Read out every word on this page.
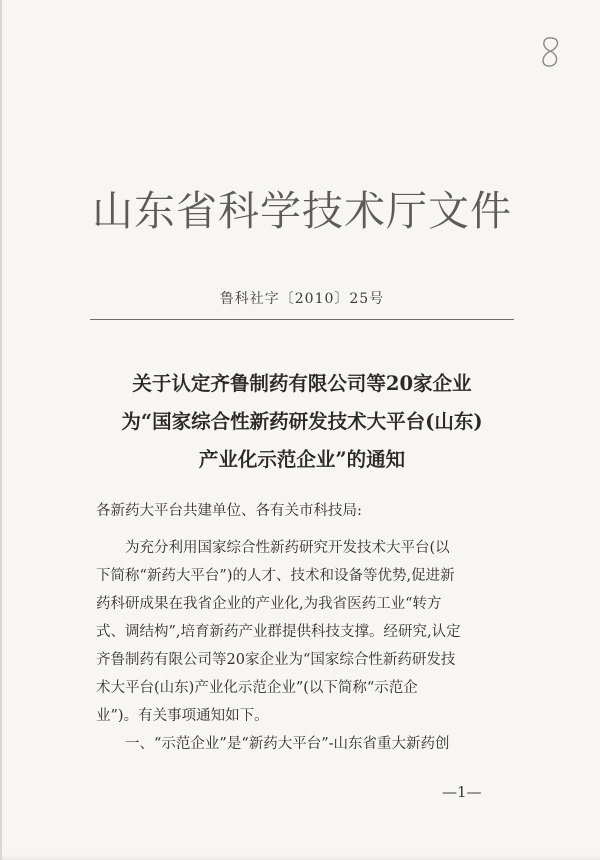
山东省科学技术厅文件
鲁科社字〔2010〕25号
关于认定齐鲁制药有限公司等20家企业
为“国家综合性新药研发技术大平台(山东)
产业化示范企业”的通知
各新药大平台共建单位、各有关市科技局:
　　为充分利用国家综合性新药研究开发技术大平台(以
下简称“新药大平台”)的人才、技术和设备等优势,促进新
药科研成果在我省企业的产业化,为我省医药工业“转方
式、调结构”,培育新药产业群提供科技支撑。经研究,认定
齐鲁制药有限公司等20家企业为“国家综合性新药研发技
术大平台(山东)产业化示范企业”(以下简称“示范企
业”)。有关事项通知如下。
　　一、“示范企业”是“新药大平台”-山东省重大新药创
—1—
